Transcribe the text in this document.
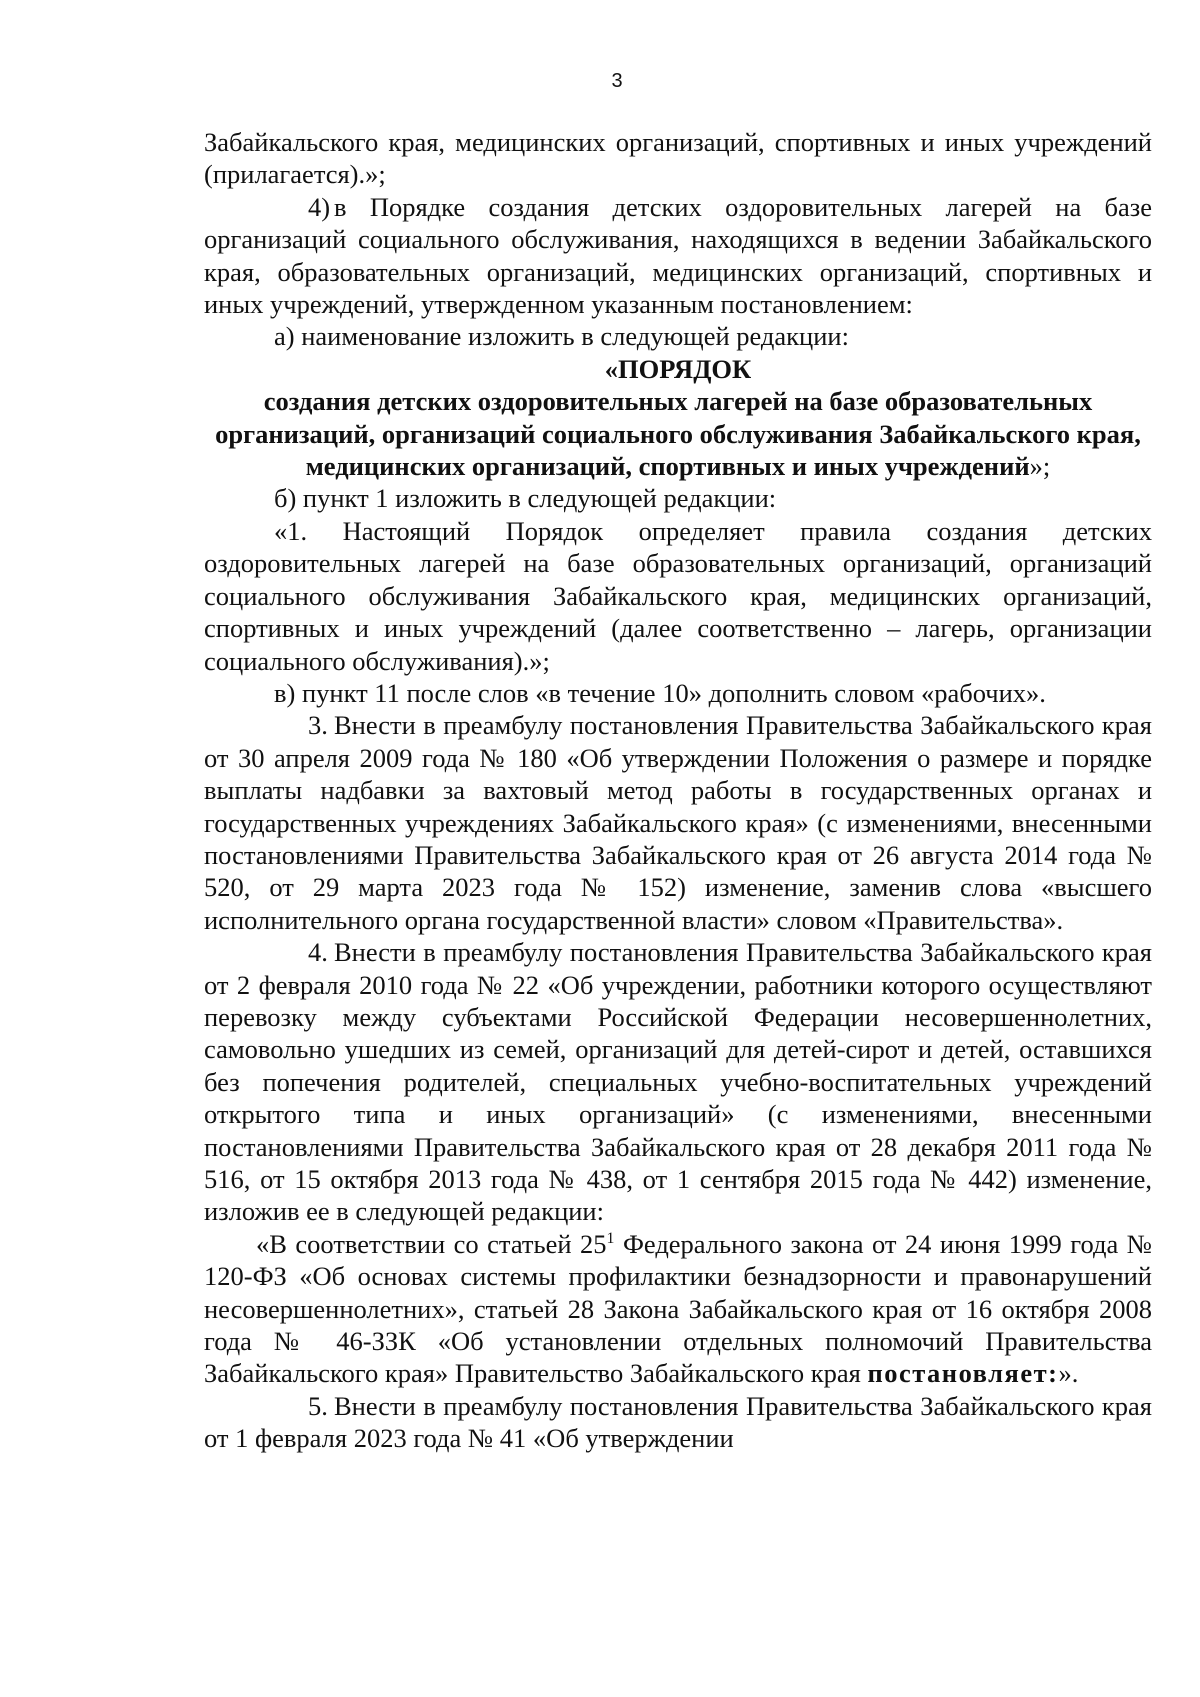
3

Забайкальского края, медицинских организаций, спортивных и иных учреждений (прилагается).»;

4) в Порядке создания детских оздоровительных лагерей на базе организаций социального обслуживания, находящихся в ведении Забайкальского края, образовательных организаций, медицинских организаций, спортивных и иных учреждений, утвержденном указанным постановлением:

а) наименование изложить в следующей редакции:

«ПОРЯДОК

создания детских оздоровительных лагерей на базе образовательных организаций, организаций социального обслуживания Забайкальского края, медицинских организаций, спортивных и иных учреждений»;

б) пункт 1 изложить в следующей редакции:

«1. Настоящий Порядок определяет правила создания детских оздоровительных лагерей на базе образовательных организаций, организаций социального обслуживания Забайкальского края, медицинских организаций, спортивных и иных учреждений (далее соответственно – лагерь, организации социального обслуживания).»;

в) пункт 11 после слов «в течение 10» дополнить словом «рабочих».

3. Внести в преамбулу постановления Правительства Забайкальского края от 30 апреля 2009 года № 180 «Об утверждении Положения о размере и порядке выплаты надбавки за вахтовый метод работы в государственных органах и государственных учреждениях Забайкальского края» (с изменениями, внесенными постановлениями Правительства Забайкальского края от 26 августа 2014 года № 520, от 29 марта 2023 года № 152) изменение, заменив слова «высшего исполнительного органа государственной власти» словом «Правительства».

4. Внести в преамбулу постановления Правительства Забайкальского края от 2 февраля 2010 года № 22 «Об учреждении, работники которого осуществляют перевозку между субъектами Российской Федерации несовершеннолетних, самовольно ушедших из семей, организаций для детей-сирот и детей, оставшихся без попечения родителей, специальных учебно-воспитательных учреждений открытого типа и иных организаций» (с изменениями, внесенными постановлениями Правительства Забайкальского края от 28 декабря 2011 года № 516, от 15 октября 2013 года № 438, от 1 сентября 2015 года № 442) изменение, изложив ее в следующей редакции:

«В соответствии со статьей $25^1$ Федерального закона от 24 июня 1999 года № 120-ФЗ «Об основах системы профилактики безнадзорности и правонарушений несовершеннолетних», статьей 28 Закона Забайкальского края от 16 октября 2008 года № 46-ЗЗК «Об установлении отдельных полномочий Правительства Забайкальского края» Правительство Забайкальского края постановляет:».

5. Внести в преамбулу постановления Правительства Забайкальского края от 1 февраля 2023 года № 41 «Об утверждении
